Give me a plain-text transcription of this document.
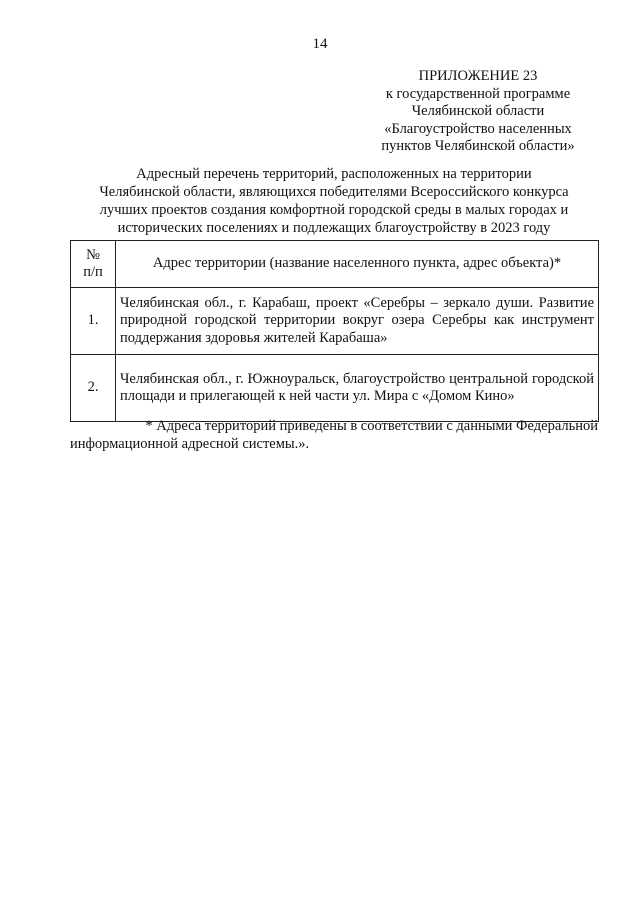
14
ПРИЛОЖЕНИЕ 23
к государственной программе
Челябинской области
«Благоустройство населенных
пунктов Челябинской области»
Адресный перечень территорий, расположенных на территории
Челябинской области, являющихся победителями Всероссийского конкурса
лучших проектов создания комфортной городской среды в малых городах и
исторических поселениях и подлежащих благоустройству в 2023 году
№
п/п	Адрес территории (название населенного пункта, адрес объекта)*
1.	Челябинская обл., г. Карабаш, проект «Серебры – зеркало души. Развитие природной городской территории вокруг озера Серебры как инструмент поддержания здоровья жителей Карабаша»
2.	Челябинская обл., г. Южноуральск, благоустройство центральной городской площади и прилегающей к ней части ул. Мира с «Домом Кино»
* Адреса территорий приведены в соответствии с данными Федеральной
информационной адресной системы.».
